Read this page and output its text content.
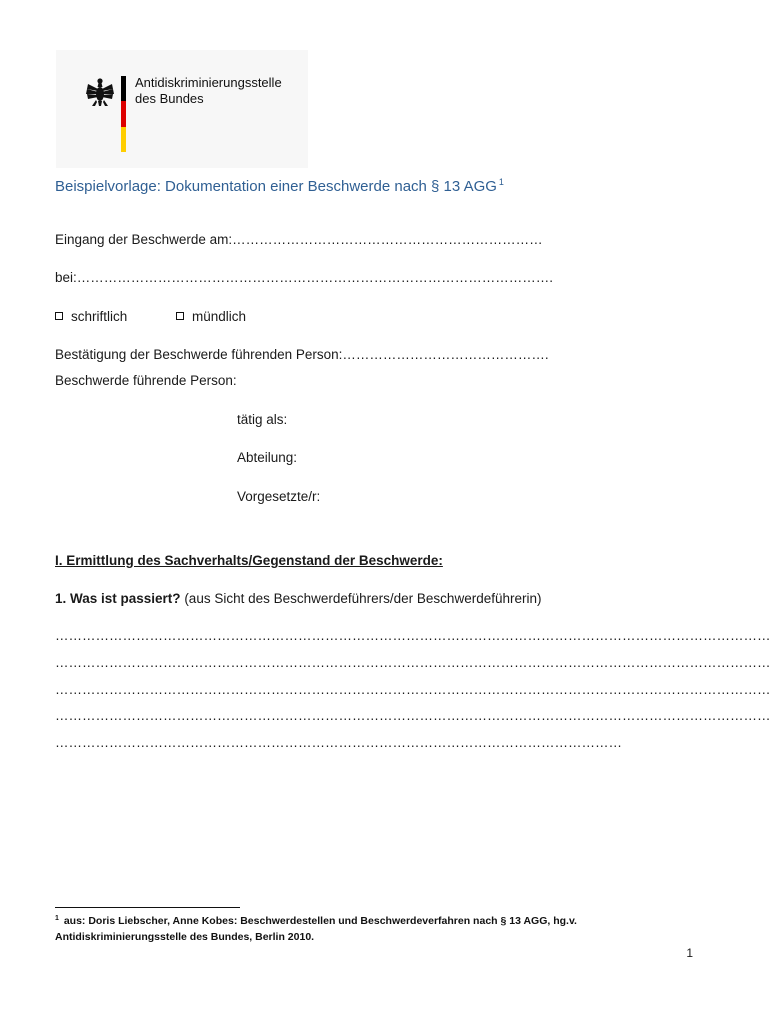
Antidiskriminierungsstelle
des Bundes
Beispielvorlage: Dokumentation einer Beschwerde nach § 13 AGG $^1$
Eingang der Beschwerde am:……………………………………………………………
bei:…………………………………………………………………………………………….
schriftlich	mündlich
Bestätigung der Beschwerde führenden Person:……………………………………….
Beschwerde führende Person:
tätig als:
Abteilung:
Vorgesetzte/r:
I. Ermittlung des Sachverhalts/Gegenstand der Beschwerde:
1. Was ist passiert? (aus Sicht des Beschwerdeführers/der Beschwerdeführerin)
……………………………………………………………………………………………………………………………………………
……………………………………………………………………………………………………………………………………………
……………………………………………………………………………………………………………………………………………
……………………………………………………………………………………………………………………………………………
………………………………………………………………………………………………………………
$^1$ aus: Doris Liebscher, Anne Kobes: Beschwerdestellen und Beschwerdeverfahren nach § 13 AGG, hg.v.
Antidiskriminierungsstelle des Bundes, Berlin 2010.
1
